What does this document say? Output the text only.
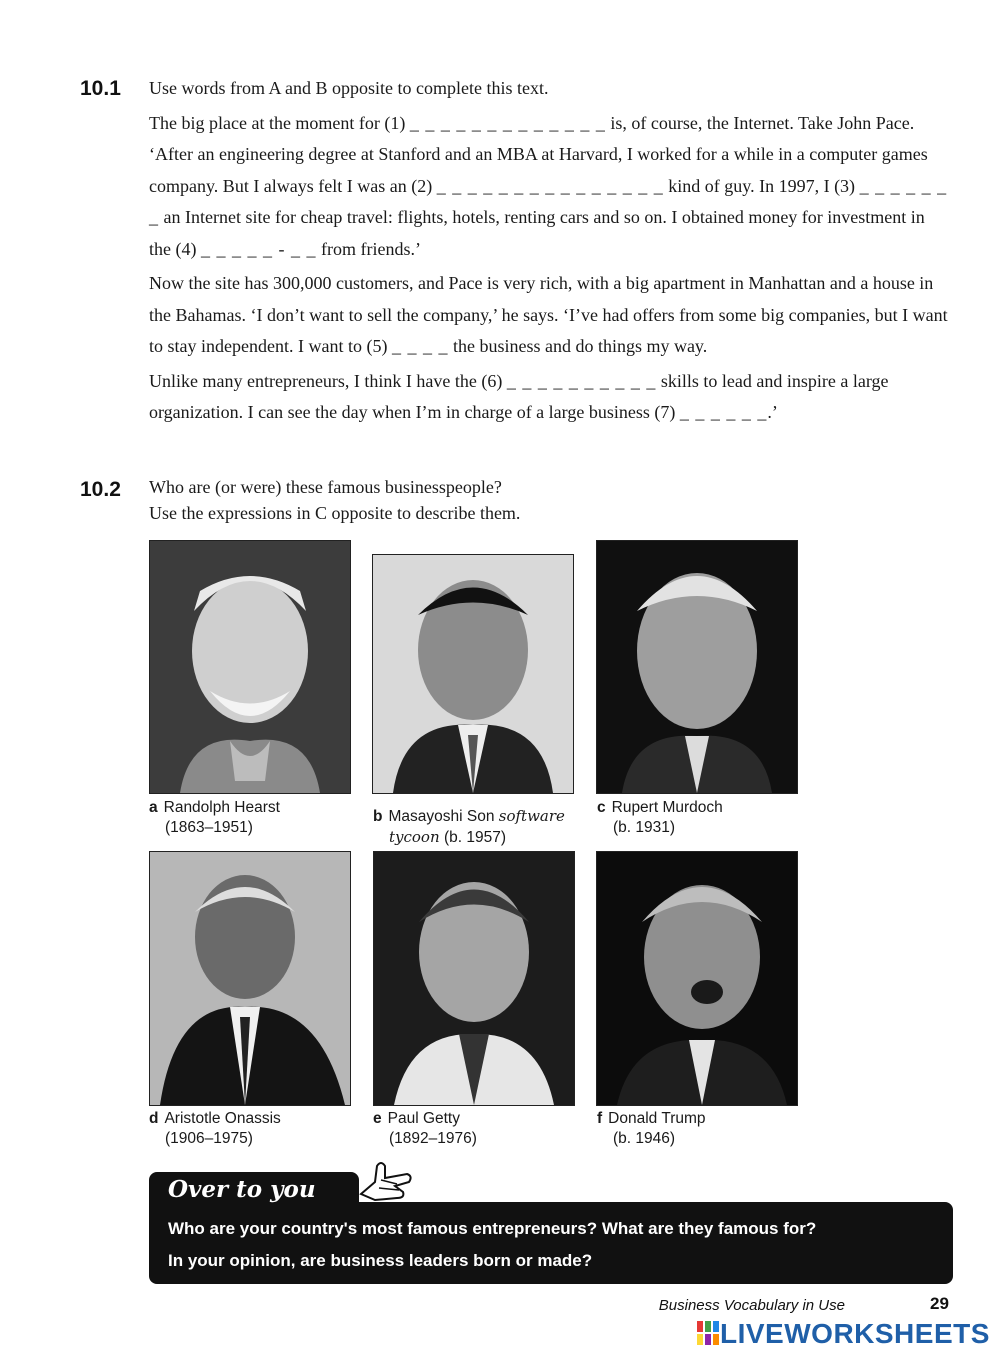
10.1 Use words from A and B opposite to complete this text.

The big place at the moment for (1) _ _ _ _ _ _ _ _ _ _ _ _ _ is, of course, the Internet. Take John Pace. ‘After an engineering degree at Stanford and an MBA at Harvard, I worked for a while in a computer games company. But I always felt I was an (2) _ _ _ _ _ _ _ _ _ _ _ _ _ _ _ kind of guy. In 1997, I (3) _ _ _ _ _ _ _ an Internet site for cheap travel: flights, hotels, renting cars and so on. I obtained money for investment in the (4) _ _ _ _ _ - _ _ from friends.’

Now the site has 300,000 customers, and Pace is very rich, with a big apartment in Manhattan and a house in the Bahamas. ‘I don’t want to sell the company,’ he says. ‘I’ve had offers from some big companies, but I want to stay independent. I want to (5) _ _ _ _ the business and do things my way.

Unlike many entrepreneurs, I think I have the (6) _ _ _ _ _ _ _ _ _ _ skills to lead and inspire a large organization. I can see the day when I’m in charge of a large business (7) _ _ _ _ _ _.’

10.2 Who are (or were) these famous businesspeople?
Use the expressions in C opposite to describe them.
a Randolph Hearst
(1863–1951)
b Masayoshi Son software
tycoon (b. 1957)
c Rupert Murdoch
(b. 1931)
d Aristotle Onassis
(1906–1975)
e Paul Getty
(1892–1976)
f Donald Trump
(b. 1946)
Over to you
Who are your country's most famous entrepreneurs? What are they famous for?
In your opinion, are business leaders born or made?
Business Vocabulary in Use	29
LIVEWORKSHEETS
